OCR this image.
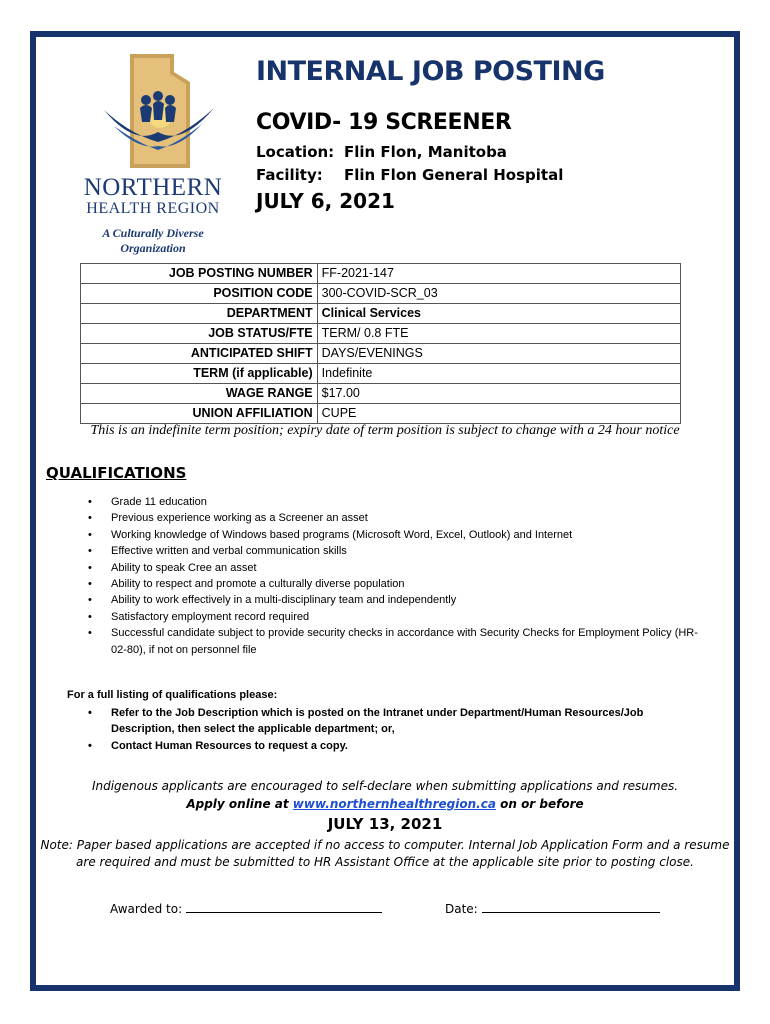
NORTHERN
HEALTH REGION
A Culturally Diverse Organization
INTERNAL JOB POSTING
COVID- 19 SCREENER
Location: Flin Flon, Manitoba
Facility: Flin Flon General Hospital
JULY 6, 2021
JOB POSTING NUMBER	FF-2021-147
POSITION CODE	300-COVID-SCR_03
DEPARTMENT	Clinical Services
JOB STATUS/FTE	TERM/ 0.8 FTE
ANTICIPATED SHIFT	DAYS/EVENINGS
TERM (if applicable)	Indefinite
WAGE RANGE	$17.00
UNION AFFILIATION	CUPE
This is an indefinite term position; expiry date of term position is subject to change with a 24 hour notice
QUALIFICATIONS
• Grade 11 education
• Previous experience working as a Screener an asset
• Working knowledge of Windows based programs (Microsoft Word, Excel, Outlook) and Internet
• Effective written and verbal communication skills
• Ability to speak Cree an asset
• Ability to respect and promote a culturally diverse population
• Ability to work effectively in a multi-disciplinary team and independently
• Satisfactory employment record required
• Successful candidate subject to provide security checks in accordance with Security Checks for Employment Policy (HR-02-80), if not on personnel file
For a full listing of qualifications please:
• Refer to the Job Description which is posted on the Intranet under Department/Human Resources/Job Description, then select the applicable department; or,
• Contact Human Resources to request a copy.
Indigenous applicants are encouraged to self-declare when submitting applications and resumes.
Apply online at www.northernhealthregion.ca on or before
JULY 13, 2021
Note: Paper based applications are accepted if no access to computer. Internal Job Application Form and a resume are required and must be submitted to HR Assistant Office at the applicable site prior to posting close.
Awarded to:	Date:
